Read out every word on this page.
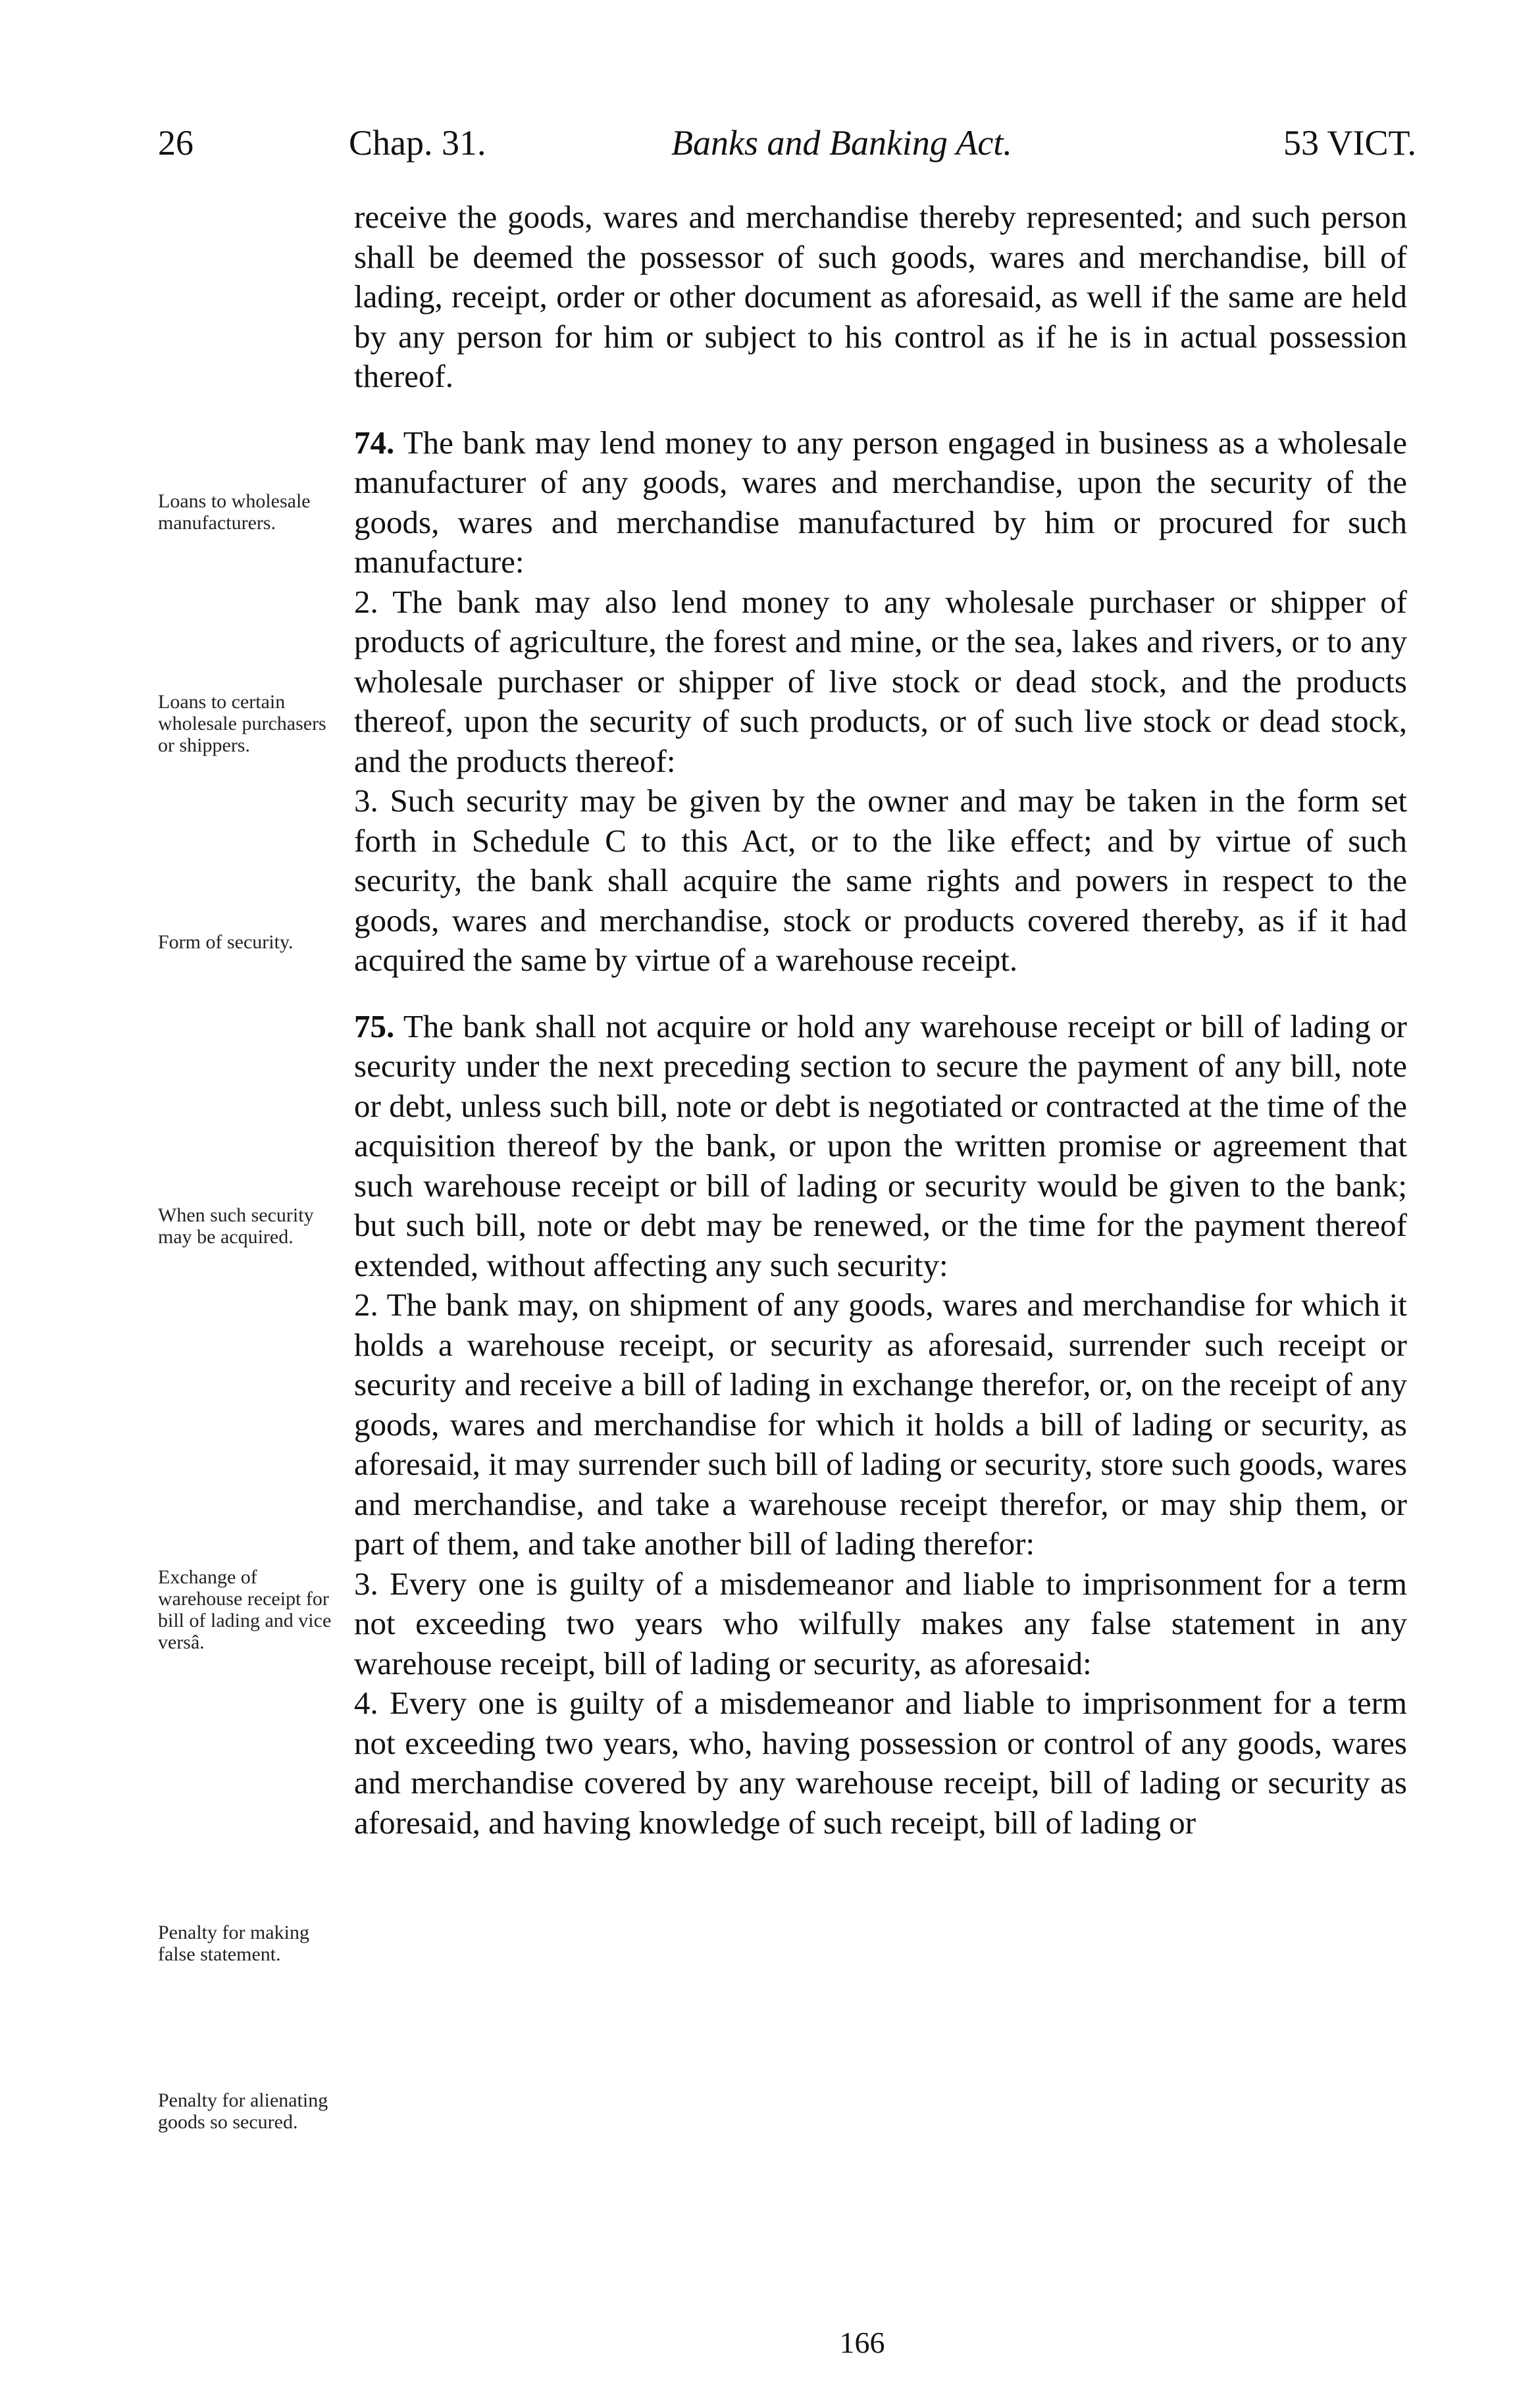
26	Chap. 31.	Banks and Banking Act.	53 VICT.

receive the goods, wares and merchandise thereby represented; and such person shall be deemed the possessor of such goods, wares and merchandise, bill of lading, receipt, order or other document as aforesaid, as well if the same are held by any person for him or subject to his control as if he is in actual possession thereof.

74. The bank may lend money to any person engaged in business as a wholesale manufacturer of any goods, wares and merchandise, upon the security of the goods, wares and merchandise manufactured by him or procured for such manufacture:

2. The bank may also lend money to any wholesale purchaser or shipper of products of agriculture, the forest and mine, or the sea, lakes and rivers, or to any wholesale purchaser or shipper of live stock or dead stock, and the products thereof, upon the security of such products, or of such live stock or dead stock, and the products thereof:

3. Such security may be given by the owner and may be taken in the form set forth in Schedule C to this Act, or to the like effect; and by virtue of such security, the bank shall acquire the same rights and powers in respect to the goods, wares and merchandise, stock or products covered thereby, as if it had acquired the same by virtue of a warehouse receipt.

75. The bank shall not acquire or hold any warehouse receipt or bill of lading or security under the next preceding section to secure the payment of any bill, note or debt, unless such bill, note or debt is negotiated or contracted at the time of the acquisition thereof by the bank, or upon the written promise or agreement that such warehouse receipt or bill of lading or security would be given to the bank; but such bill, note or debt may be renewed, or the time for the payment thereof extended, without affecting any such security:

2. The bank may, on shipment of any goods, wares and merchandise for which it holds a warehouse receipt, or security as aforesaid, surrender such receipt or security and receive a bill of lading in exchange therefor, or, on the receipt of any goods, wares and merchandise for which it holds a bill of lading or security, as aforesaid, it may surrender such bill of lading or security, store such goods, wares and merchandise, and take a warehouse receipt therefor, or may ship them, or part of them, and take another bill of lading therefor:

3. Every one is guilty of a misdemeanor and liable to imprisonment for a term not exceeding two years who wilfully makes any false statement in any warehouse receipt, bill of lading or security, as aforesaid:

4. Every one is guilty of a misdemeanor and liable to imprisonment for a term not exceeding two years, who, having possession or control of any goods, wares and merchandise covered by any warehouse receipt, bill of lading or security as aforesaid, and having knowledge of such receipt, bill of lading or

Loans to wholesale manufacturers.
Loans to certain wholesale purchasers or shippers.
Form of security.
When such security may be acquired.
Exchange of warehouse receipt for bill of lading and vice versâ.
Penalty for making false statement.
Penalty for alienating goods so secured.
166
